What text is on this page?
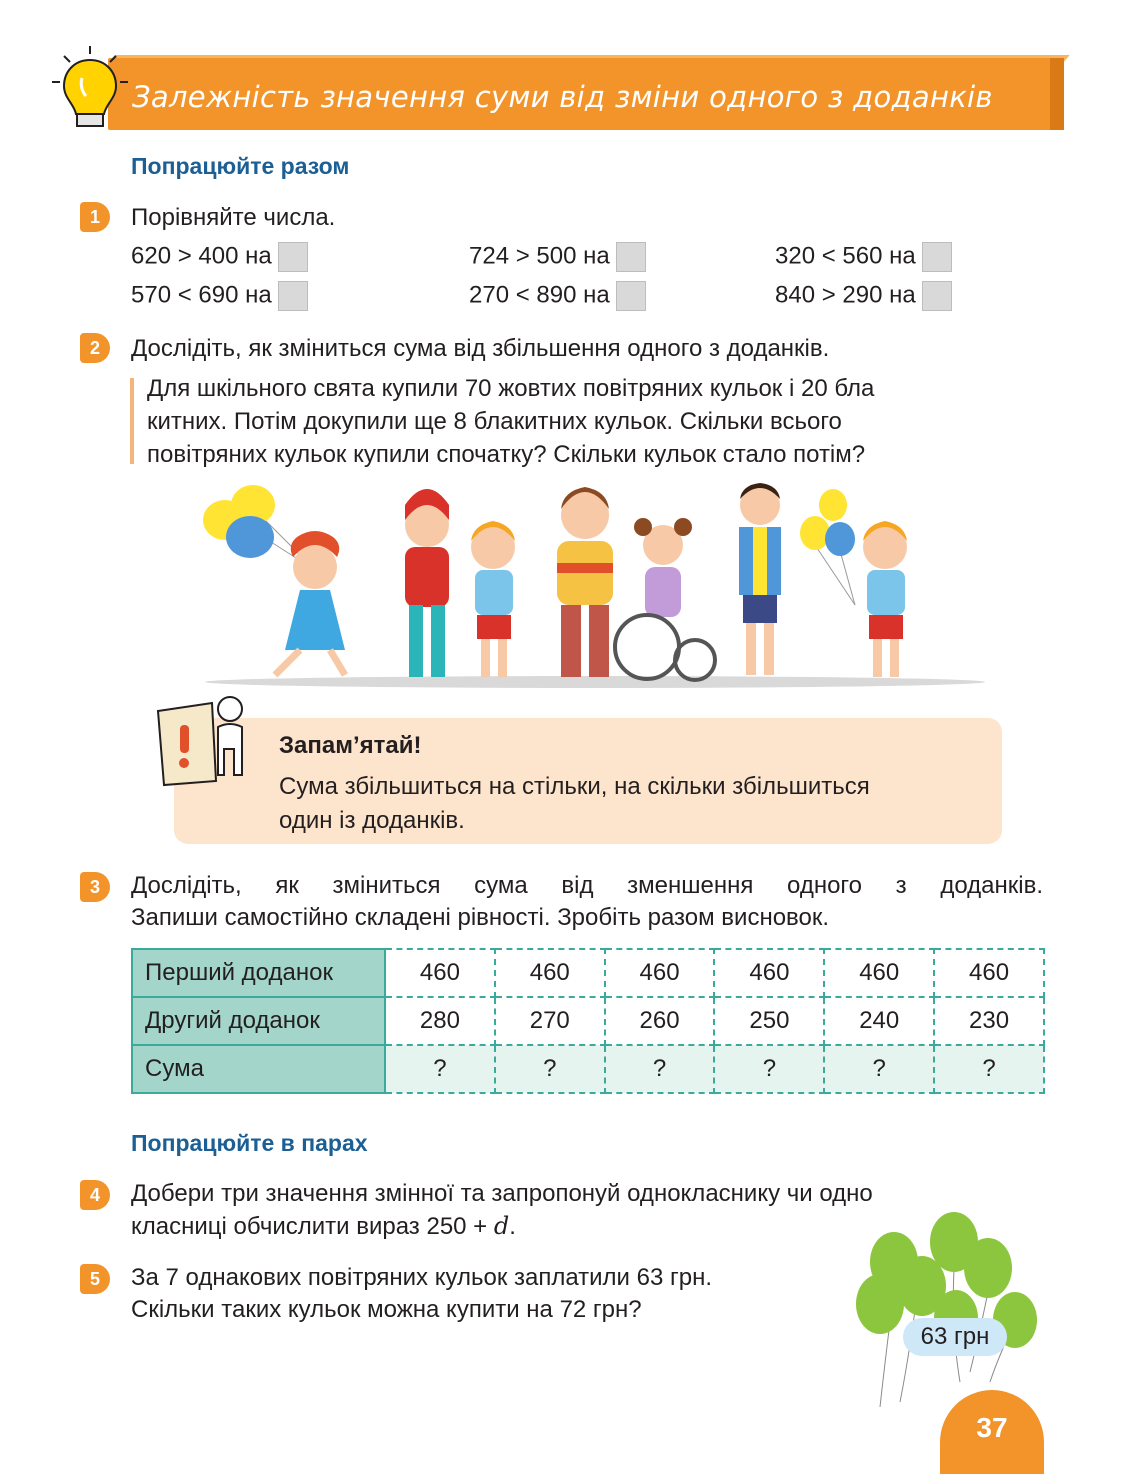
Залежність значення суми від зміни одного з доданків
Попрацюйте разом
1	Порівняйте числа.
620 > 400 на	724 > 500 на	320 < 560 на
570 < 690 на	270 < 890 на	840 > 290 на
2	Дослідіть, як зміниться сума від збільшення одного з доданків.
Для шкільного свята купили 70 жовтих повітряних кульок і 20 бла
китних. Потім докупили ще 8 блакитних кульок. Скільки всього
повітряних кульок купили спочатку? Скільки кульок стало потім?
Запам’ятай!
Сума збільшиться на стільки, на скільки збільшиться
один із доданків.
3	Дослідіть, як зміниться сума від зменшення одного з доданків.
Запиши самостійно складені рівності. Зробіть разом висновок.
Перший доданок	460	460	460	460	460	460
Другий доданок	280	270	260	250	240	230
Сума	?	?	?	?	?	?
Попрацюйте в парах
4	Добери три значення змінної та запропонуй однокласнику чи одно
класниці обчислити вираз 250 + d.
5	За 7 однакових повітряних кульок заплатили 63 грн.
Скільки таких кульок можна купити на 72 грн?
63 грн
37
